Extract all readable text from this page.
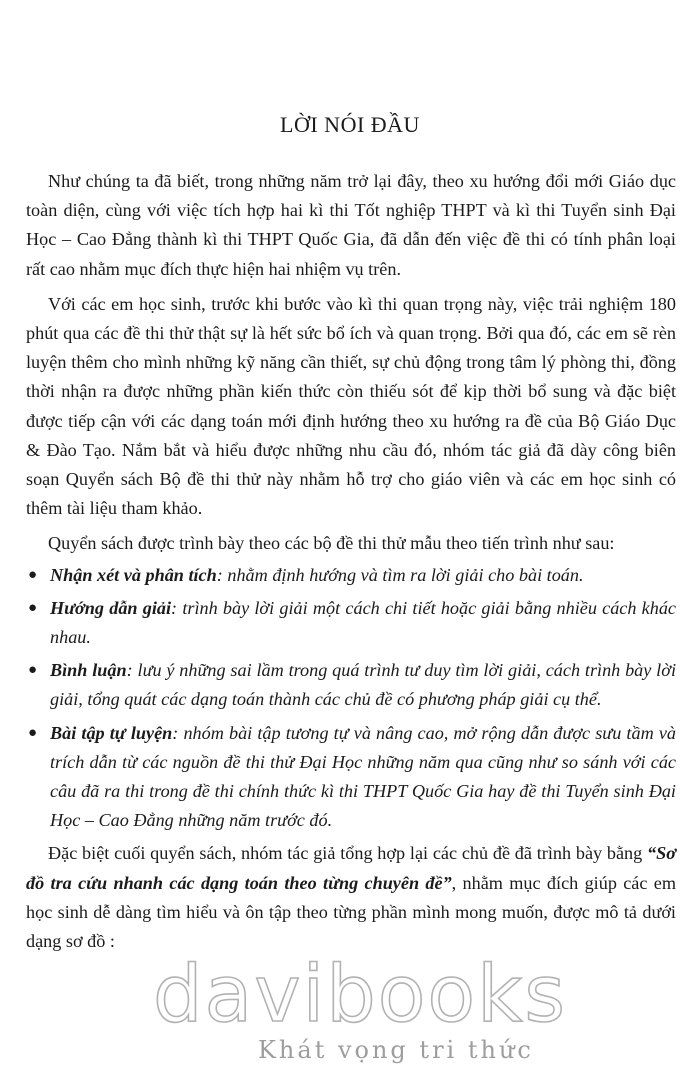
LỜI NÓI ĐẦU

Như chúng ta đã biết, trong những năm trở lại đây, theo xu hướng đổi mới Giáo dục toàn diện, cùng với việc tích hợp hai kì thi Tốt nghiệp THPT và kì thi Tuyển sinh Đại Học – Cao Đẳng thành kì thi THPT Quốc Gia, đã dẫn đến việc đề thi có tính phân loại rất cao nhằm mục đích thực hiện hai nhiệm vụ trên.

Với các em học sinh, trước khi bước vào kì thi quan trọng này, việc trải nghiệm 180 phút qua các đề thi thử thật sự là hết sức bổ ích và quan trọng. Bởi qua đó, các em sẽ rèn luyện thêm cho mình những kỹ năng cần thiết, sự chủ động trong tâm lý phòng thi, đồng thời nhận ra được những phần kiến thức còn thiếu sót để kịp thời bổ sung và đặc biệt được tiếp cận với các dạng toán mới định hướng theo xu hướng ra đề của Bộ Giáo Dục & Đào Tạo. Nắm bắt và hiểu được những nhu cầu đó, nhóm tác giả đã dày công biên soạn Quyển sách Bộ đề thi thử này nhằm hỗ trợ cho giáo viên và các em học sinh có thêm tài liệu tham khảo.

Quyển sách được trình bày theo các bộ đề thi thử mẫu theo tiến trình như sau:

● Nhận xét và phân tích: nhằm định hướng và tìm ra lời giải cho bài toán.
● Hướng dẫn giải: trình bày lời giải một cách chi tiết hoặc giải bằng nhiều cách khác nhau.
● Bình luận: lưu ý những sai lầm trong quá trình tư duy tìm lời giải, cách trình bày lời giải, tổng quát các dạng toán thành các chủ đề có phương pháp giải cụ thể.
● Bài tập tự luyện: nhóm bài tập tương tự và nâng cao, mở rộng dẫn được sưu tầm và trích dẫn từ các nguồn đề thi thử Đại Học những năm qua cũng như so sánh với các câu đã ra thi trong đề thi chính thức kì thi THPT Quốc Gia hay đề thi Tuyển sinh Đại Học – Cao Đẳng những năm trước đó.

Đặc biệt cuối quyển sách, nhóm tác giả tổng hợp lại các chủ đề đã trình bày bằng “Sơ đồ tra cứu nhanh các dạng toán theo từng chuyên đề”, nhằm mục đích giúp các em học sinh dễ dàng tìm hiểu và ôn tập theo từng phần mình mong muốn, được mô tả dưới dạng sơ đồ :

davibooks
Khát vọng tri thức
